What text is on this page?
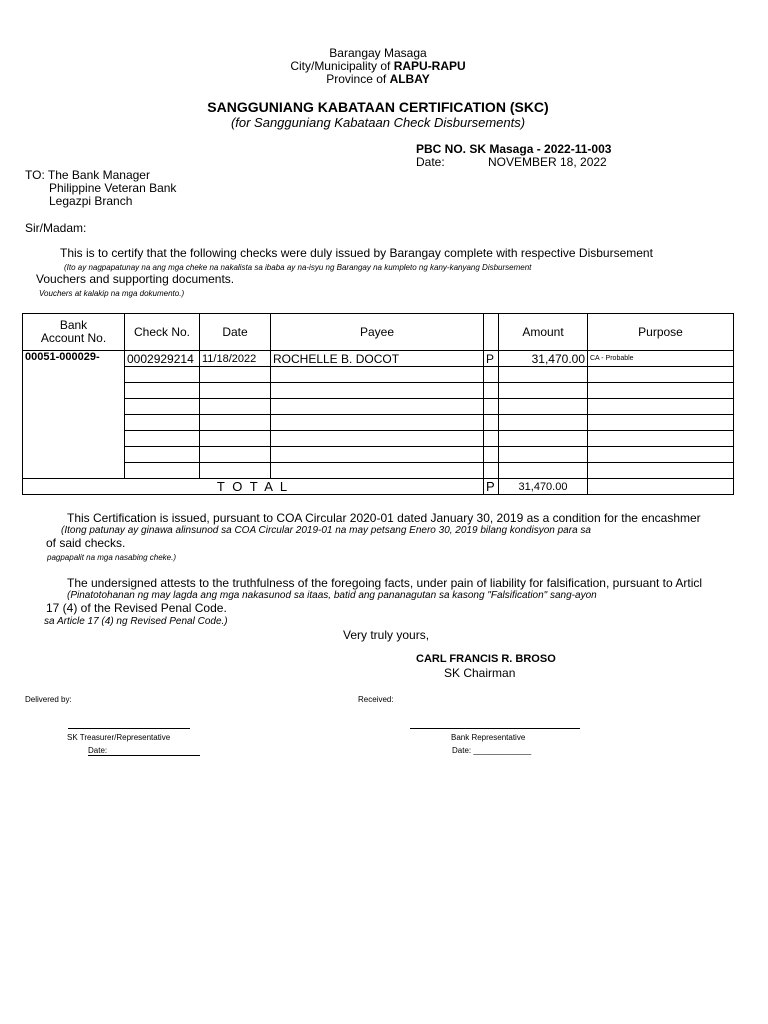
Barangay Masaga
City/Municipality of RAPU-RAPU
Province of ALBAY
SANGGUNIANG KABATAAN CERTIFICATION (SKC)
(for Sangguniang Kabataan Check Disbursements)
PBC NO. SK Masaga - 2022-11-003
Date:	NOVEMBER 18, 2022
TO: The Bank Manager
Philippine Veteran Bank
Legazpi Branch
Sir/Madam:
This is to certify that the following checks were duly issued by Barangay complete with respective Disbursement
(Ito ay nagpapatunay na ang mga cheke na nakalista sa ibaba ay na-isyu ng Barangay na kumpleto ng kany-kanyang Disbursement
Vouchers and supporting documents.
Vouchers at kalakip na mga dokumento.)
Bank
Account No.	Check No.	Date	Payee		Amount	Purpose
00051-000029-	0002929214	11/18/2022	ROCHELLE B. DOCOT	P	31,470.00	CA - Probable

T O T A L				P	31,470.00	
This Certification is issued, pursuant to COA Circular 2020-01 dated January 30, 2019 as a condition for the encashmer
(Itong patunay ay ginawa alinsunod sa COA Circular 2019-01 na may petsang Enero 30, 2019 bilang kondisyon para sa
of said checks.
pagpapalit na mga nasabing cheke.)
The undersigned attests to the truthfulness of the foregoing facts, under pain of liability for falsification, pursuant to Articl
(Pinatotohanan ng may lagda ang mga nakasunod sa itaas, batid ang pananagutan sa kasong "Falsification" sang-ayon
17 (4) of the Revised Penal Code.
sa Article 17 (4) ng Revised Penal Code.)
Very truly yours,
CARL FRANCIS R. BROSO
SK Chairman
Delivered by:	Received:
SK Treasurer/Representative	Bank Representative
Date:	Date: _____________
